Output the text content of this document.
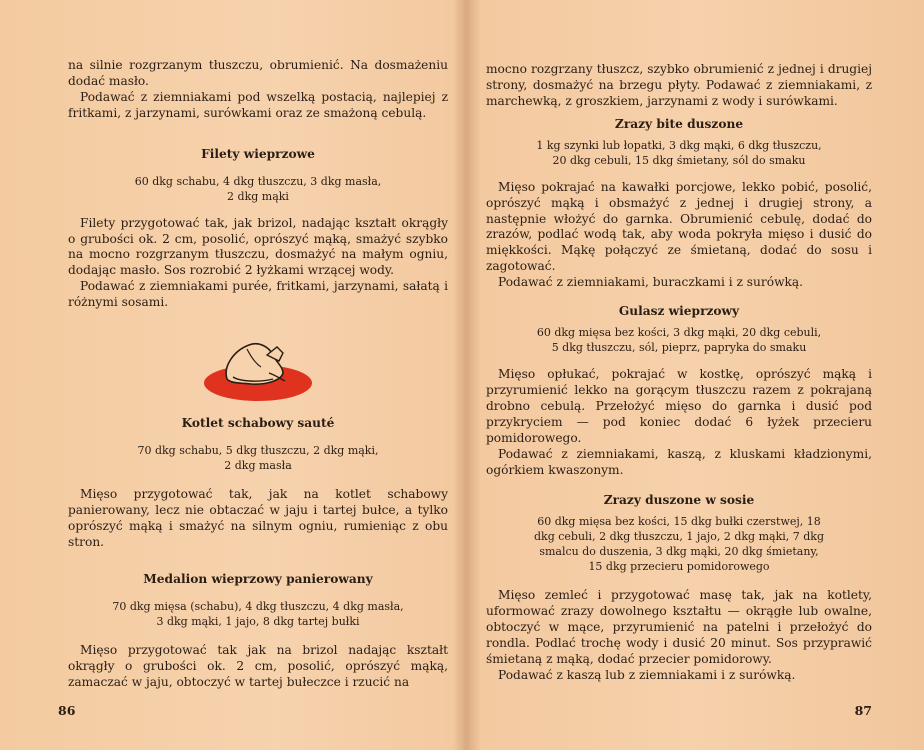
na silnie rozgrzanym tłuszczu, obrumienić. Na dosmażeniu dodać masło.

Podawać z ziemniakami pod wszelką postacią, najlepiej z fritkami, z jarzynami, surówkami oraz ze smażoną cebulą.

Filety wieprzowe
60 dkg schabu, 4 dkg tłuszczu, 3 dkg masła,
2 dkg mąki

Filety przygotować tak, jak brizol, nadając kształt okrągły o grubości ok. 2 cm, posolić, oprószyć mąką, smażyć szybko na mocno rozgrzanym tłuszczu, dosmażyć na małym ogniu, dodając masło. Sos rozrobić 2 łyżkami wrzącej wody.

Podawać z ziemniakami purée, fritkami, jarzynami, sałatą i różnymi sosami.

Kotlet schabowy sauté
70 dkg schabu, 5 dkg tłuszczu, 2 dkg mąki,
2 dkg masła

Mięso przygotować tak, jak na kotlet schabowy panierowany, lecz nie obtaczać w jaju i tartej bułce, a tylko oprószyć mąką i smażyć na silnym ogniu, rumieniąc z obu stron.

Medalion wieprzowy panierowany
70 dkg mięsa (schabu), 4 dkg tłuszczu, 4 dkg masła,
3 dkg mąki, 1 jajo, 8 dkg tartej bułki

Mięso przygotować tak jak na brizol nadając kształt okrągły o grubości ok. 2 cm, posolić, oprószyć mąką, zamaczać w jaju, obtoczyć w tartej bułeczce i rzucić na

86

mocno rozgrzany tłuszcz, szybko obrumienić z jednej i drugiej strony, dosmażyć na brzegu płyty. Podawać z ziemniakami, z marchewką, z groszkiem, jarzynami z wody i surówkami.

Zrazy bite duszone
1 kg szynki lub łopatki, 3 dkg mąki, 6 dkg tłuszczu,
20 dkg cebuli, 15 dkg śmietany, sól do smaku

Mięso pokrajać na kawałki porcjowe, lekko pobić, posolić, oprószyć mąką i obsmażyć z jednej i drugiej strony, a następnie włożyć do garnka. Obrumienić cebulę, dodać do zrazów, podlać wodą tak, aby woda pokryła mięso i dusić do miękkości. Mąkę połączyć ze śmietaną, dodać do sosu i zagotować.

Podawać z ziemniakami, buraczkami i z surówką.

Gulasz wieprzowy
60 dkg mięsa bez kości, 3 dkg mąki, 20 dkg cebuli,
5 dkg tłuszczu, sól, pieprz, papryka do smaku

Mięso opłukać, pokrajać w kostkę, oprószyć mąką i przyrumienić lekko na gorącym tłuszczu razem z pokrajaną drobno cebulą. Przełożyć mięso do garnka i dusić pod przykryciem — pod koniec dodać 6 łyżek przecieru pomidorowego.

Podawać z ziemniakami, kaszą, z kluskami kładzionymi, ogórkiem kwaszonym.

Zrazy duszone w sosie
60 dkg mięsa bez kości, 15 dkg bułki czerstwej, 18
dkg cebuli, 2 dkg tłuszczu, 1 jajo, 2 dkg mąki, 7 dkg
smalcu do duszenia, 3 dkg mąki, 20 dkg śmietany,
15 dkg przecieru pomidorowego

Mięso zemleć i przygotować masę tak, jak na kotlety, uformować zrazy dowolnego kształtu — okrągłe lub owalne, obtoczyć w mące, przyrumienić na patelni i przełożyć do rondla. Podlać trochę wody i dusić 20 minut. Sos przyprawić śmietaną z mąką, dodać przecier pomidorowy.

Podawać z kaszą lub z ziemniakami i z surówką.

87
